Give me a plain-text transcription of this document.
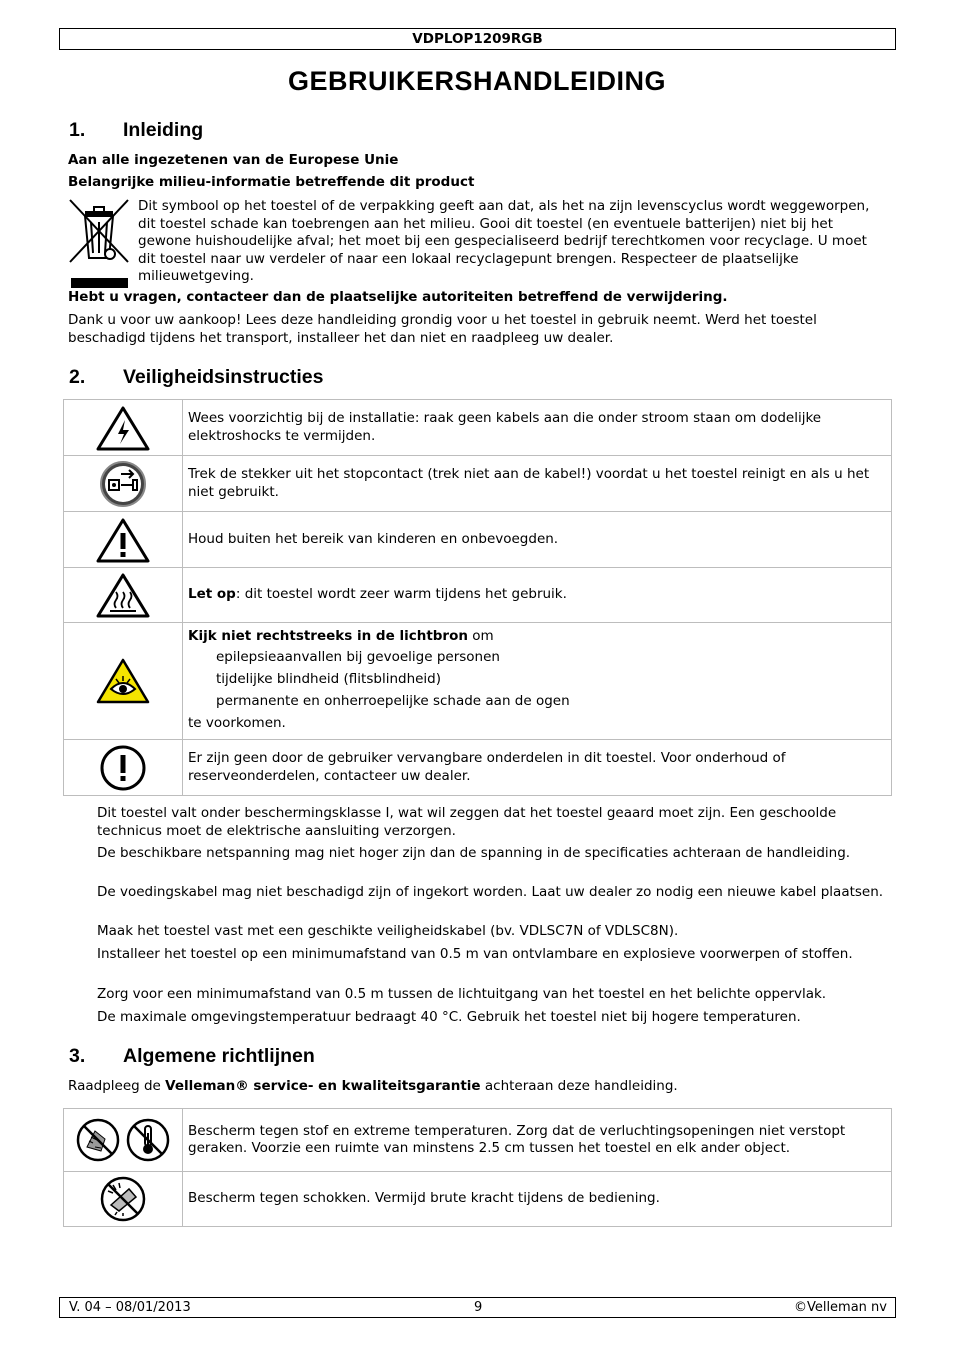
VDPLOP1209RGB
GEBRUIKERSHANDLEIDING
1. Inleiding
Aan alle ingezetenen van de Europese Unie
Belangrijke milieu-informatie betreffende dit product
Dit symbool op het toestel of de verpakking geeft aan dat, als het na zijn levenscyclus wordt weggeworpen, dit toestel schade kan toebrengen aan het milieu. Gooi dit toestel (en eventuele batterijen) niet bij het gewone huishoudelijke afval; het moet bij een gespecialiseerd bedrijf terechtkomen voor recyclage. U moet dit toestel naar uw verdeler of naar een lokaal recyclagepunt brengen. Respecteer de plaatselijke milieuwetgeving.
Hebt u vragen, contacteer dan de plaatselijke autoriteiten betreffend de verwijdering.
Dank u voor uw aankoop! Lees deze handleiding grondig voor u het toestel in gebruik neemt. Werd het toestel beschadigd tijdens het transport, installeer het dan niet en raadpleeg uw dealer.
2. Veiligheidsinstructies
	Wees voorzichtig bij de installatie: raak geen kabels aan die onder stroom staan om dodelijke elektroshocks te vermijden.
	Trek de stekker uit het stopcontact (trek niet aan de kabel!) voordat u het toestel reinigt en als u het niet gebruikt.
	Houd buiten het bereik van kinderen en onbevoegden.
	Let op: dit toestel wordt zeer warm tijdens het gebruik.

Kijk niet rechtstreeks in de lichtbron om
epilepsieaanvallen bij gevoelige personen
tijdelijke blindheid (flitsblindheid)
permanente en onherroepelijke schade aan de ogen
te voorkomen.

	Er zijn geen door de gebruiker vervangbare onderdelen in dit toestel. Voor onderhoud of reserveonderdelen, contacteer uw dealer.
Dit toestel valt onder beschermingsklasse I, wat wil zeggen dat het toestel geaard moet zijn. Een geschoolde technicus moet de elektrische aansluiting verzorgen.
De beschikbare netspanning mag niet hoger zijn dan de spanning in de specificaties achteraan de handleiding.
De voedingskabel mag niet beschadigd zijn of ingekort worden. Laat uw dealer zo nodig een nieuwe kabel plaatsen.
Maak het toestel vast met een geschikte veiligheidskabel (bv. VDLSC7N of VDLSC8N).
Installeer het toestel op een minimumafstand van 0.5 m van ontvlambare en explosieve voorwerpen of stoffen.
Zorg voor een minimumafstand van 0.5 m tussen de lichtuitgang van het toestel en het belichte oppervlak.
De maximale omgevingstemperatuur bedraagt 40 °C. Gebruik het toestel niet bij hogere temperaturen.
3. Algemene richtlijnen
Raadpleeg de Velleman® service- en kwaliteitsgarantie achteraan deze handleiding.
	Bescherm tegen stof en extreme temperaturen. Zorg dat de verluchtingsopeningen niet verstopt geraken. Voorzie een ruimte van minstens 2.5 cm tussen het toestel en elk ander object.
	Bescherm tegen schokken. Vermijd brute kracht tijdens de bediening.
V. 04 – 08/01/2013	9	©Velleman nv
